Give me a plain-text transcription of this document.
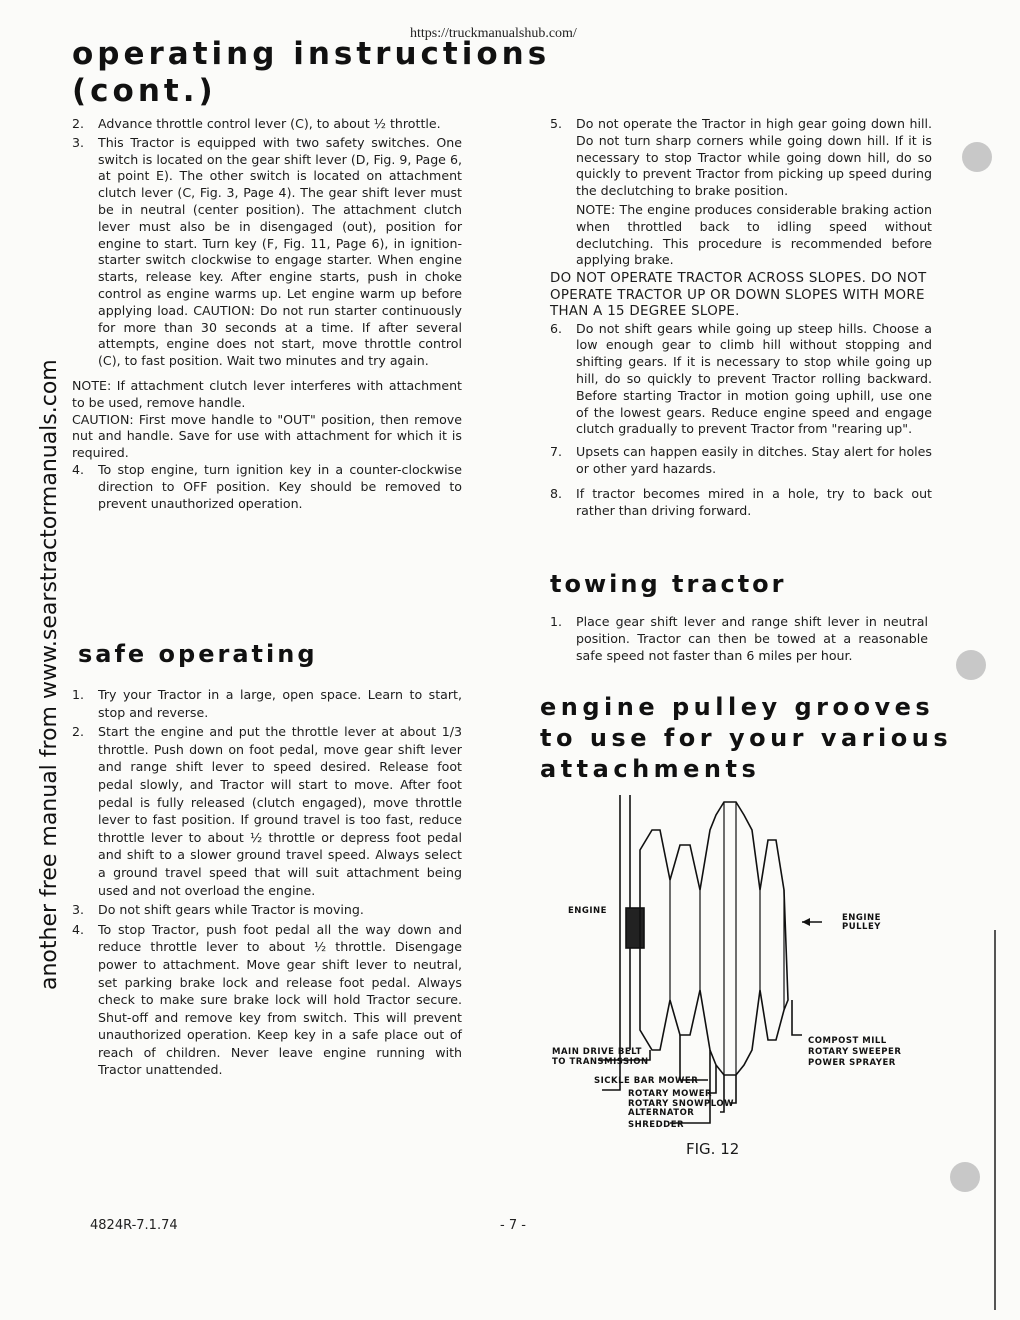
https://truckmanualshub.com/
another free manual from www.searstractormanuals.com
operating instructions
(cont.)
2. Advance throttle control lever (C), to about ½ throttle.
3. This Tractor is equipped with two safety switches. One switch is located on the gear shift lever (D, Fig. 9, Page 6, at point E). The other switch is located on attachment clutch lever (C, Fig. 3, Page 4). The gear shift lever must be in neutral (center position). The attachment clutch lever must also be in disengaged (out), position for engine to start. Turn key (F, Fig. 11, Page 6), in ignition-starter switch clockwise to engage starter. When engine starts, release key. After engine starts, push in choke control as engine warms up. Let engine warm up before applying load. CAUTION: Do not run starter continuously for more than 30 seconds at a time. If after several attempts, engine does not start, move throttle control (C), to fast position. Wait two minutes and try again.

NOTE: If attachment clutch lever interferes with attachment to be used, remove handle.

CAUTION: First move handle to "OUT" position, then remove nut and handle. Save for use with attachment for which it is required.

4. To stop engine, turn ignition key in a counter-clockwise direction to OFF position. Key should be removed to prevent unauthorized operation.
safe operating
1. Try your Tractor in a large, open space. Learn to start, stop and reverse.
2. Start the engine and put the throttle lever at about 1/3 throttle. Push down on foot pedal, move gear shift lever and range shift lever to speed desired. Release foot pedal slowly, and Tractor will start to move. After foot pedal is fully released (clutch engaged), move throttle lever to fast position. If ground travel is too fast, reduce throttle lever to about ½ throttle or depress foot pedal and shift to a slower ground travel speed. Always select a ground travel speed that will suit attachment being used and not overload the engine.
3. Do not shift gears while Tractor is moving.
4. To stop Tractor, push foot pedal all the way down and reduce throttle lever to about ½ throttle. Disengage power to attachment. Move gear shift lever to neutral, set parking brake lock and release foot pedal. Always check to make sure brake lock will hold Tractor secure. Shut-off and remove key from switch. This will prevent unauthorized operation. Keep key in a safe place out of reach of children. Never leave engine running with Tractor unattended.
5. Do not operate the Tractor in high gear going down hill. Do not turn sharp corners while going down hill. If it is necessary to stop Tractor while going down hill, do so quickly to prevent Tractor from picking up speed during the declutching to brake position.
NOTE: The engine produces considerable braking action when throttled back to idling speed without declutching. This procedure is recommended before applying brake.

DO NOT OPERATE TRACTOR ACROSS SLOPES. DO NOT OPERATE TRACTOR UP OR DOWN SLOPES WITH MORE THAN A 15 DEGREE SLOPE.

6. Do not shift gears while going up steep hills. Choose a low enough gear to climb hill without stopping and shifting gears. If it is necessary to stop while going up hill, do so quickly to prevent Tractor rolling backward. Before starting Tractor in motion going uphill, use one of the lowest gears. Reduce engine speed and engage clutch gradually to prevent Tractor from "rearing up".
7. Upsets can happen easily in ditches. Stay alert for holes or other yard hazards.
8. If tractor becomes mired in a hole, try to back out rather than driving forward.
towing tractor
1. Place gear shift lever and range shift lever in neutral position. Tractor can then be towed at a reasonable safe speed not faster than 6 miles per hour.
engine pulley grooves
to use for your various
attachments
ENGINE
ENGINE
PULLEY
MAIN DRIVE BELT
TO TRANSMISSION
SICKLE BAR MOWER
ROTARY MOWER
ROTARY SNOWPLOW
ALTERNATOR
SHREDDER
COMPOST MILL
ROTARY SWEEPER
POWER SPRAYER
FIG. 12
4824R-7.1.74	- 7 -
